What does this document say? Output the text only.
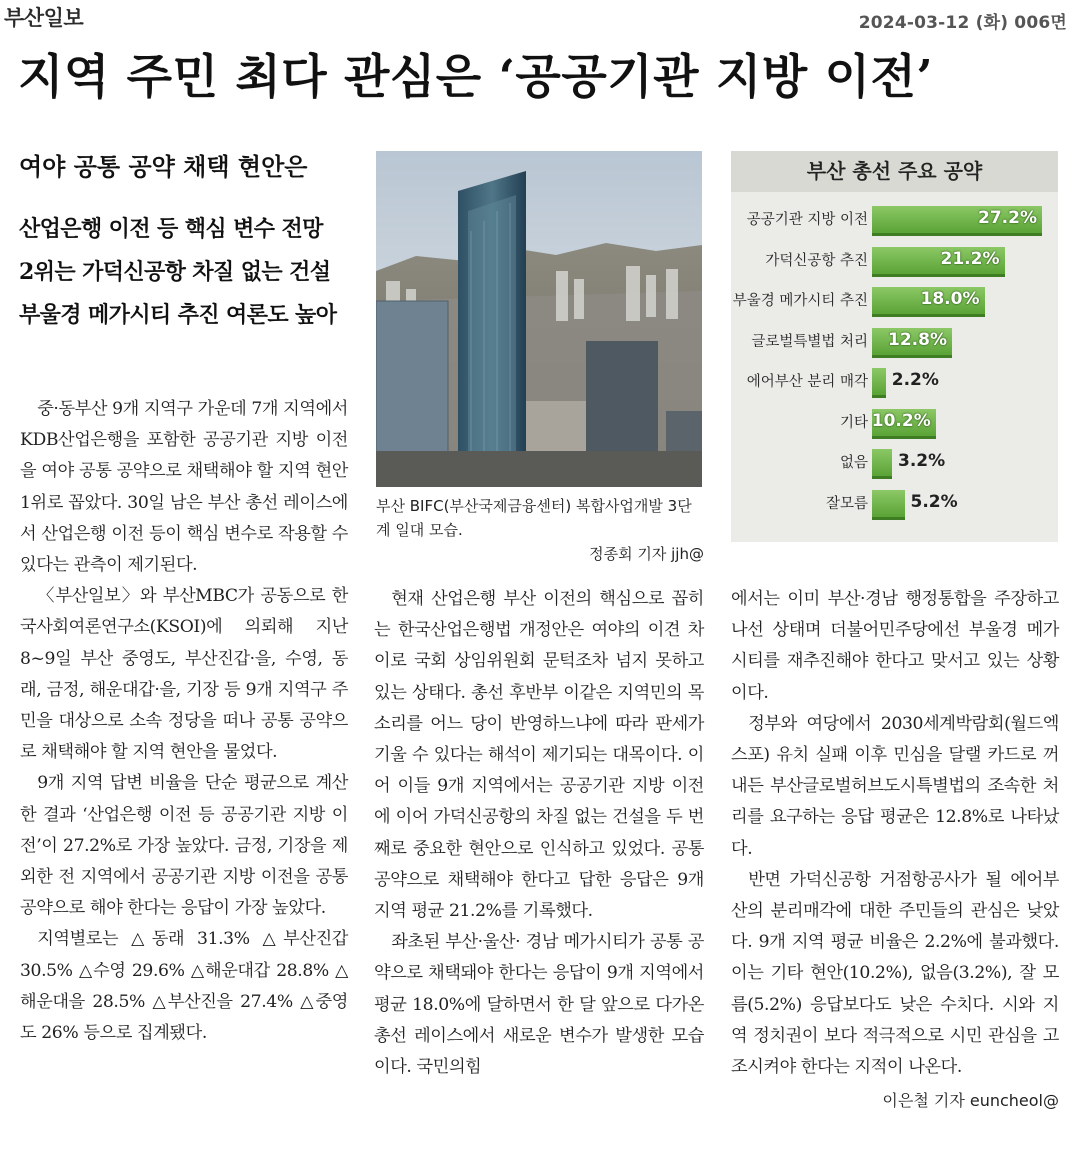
부산일보	2024-03-12 (화) 006면
지역 주민 최다 관심은 ‘공공기관 지방 이전’
여야 공통 공약 채택 현안은
산업은행 이전 등 핵심 변수 전망
2위는 가덕신공항 차질 없는 건설
부울경 메가시티 추진 여론도 높아

중·동부산 9개 지역구 가운데 7개 지역에서 KDB산업은행을 포함한 공공기관 지방 이전을 여야 공통 공약으로 채택해야 할 지역 현안 1위로 꼽았다. 30일 남은 부산 총선 레이스에서 산업은행 이전 등이 핵심 변수로 작용할 수 있다는 관측이 제기된다.

〈부산일보〉와 부산MBC가 공동으로 한국사회여론연구소(KSOI)에 의뢰해 지난 8~9일 부산 중영도, 부산진갑·을, 수영, 동래, 금정, 해운대갑·을, 기장 등 9개 지역구 주민을 대상으로 소속 정당을 떠나 공통 공약으로 채택해야 할 지역 현안을 물었다.

9개 지역 답변 비율을 단순 평균으로 계산한 결과 ‘산업은행 이전 등 공공기관 지방 이전’이 27.2%로 가장 높았다. 금정, 기장을 제외한 전 지역에서 공공기관 지방 이전을 공통 공약으로 해야 한다는 응답이 가장 높았다.

지역별로는 △동래 31.3% △부산진갑 30.5% △수영 29.6% △해운대갑 28.8% △해운대을 28.5% △부산진을 27.4% △중영도 26% 등으로 집계됐다.

부산 BIFC(부산국제금융센터) 복합사업개발 3단계 일대 모습.
정종회 기자 jjh@
부산 총선 주요 공약
공공기관 지방 이전	27.2%
가덕신공항 추진	21.2%
부울경 메가시티 추진	18.0%
글로벌특별법 처리 12.8%
에어부산 분리 매각 2.2%
기타 10.2%
없음 3.2%
잘모름	5.2%

현재 산업은행 부산 이전의 핵심으로 꼽히는 한국산업은행법 개정안은 여야의 이견 차이로 국회 상임위원회 문턱조차 넘지 못하고 있는 상태다. 총선 후반부 이같은 지역민의 목소리를 어느 당이 반영하느냐에 따라 판세가 기울 수 있다는 해석이 제기되는 대목이다. 이어 이들 9개 지역에서는 공공기관 지방 이전에 이어 가덕신공항의 차질 없는 건설을 두 번째로 중요한 현안으로 인식하고 있었다. 공통 공약으로 채택해야 한다고 답한 응답은 9개 지역 평균 21.2%를 기록했다.

좌초된 부산·울산· 경남 메가시티가 공통 공약으로 채택돼야 한다는 응답이 9개 지역에서 평균 18.0%에 달하면서 한 달 앞으로 다가온 총선 레이스에서 새로운 변수가 발생한 모습이다. 국민의힘

에서는 이미 부산·경남 행정통합을 주장하고 나선 상태며 더불어민주당에선 부울경 메가시티를 재추진해야 한다고 맞서고 있는 상황이다.

정부와 여당에서 2030세계박람회(월드엑스포) 유치 실패 이후 민심을 달랠 카드로 꺼내든 부산글로벌허브도시특별법의 조속한 처리를 요구하는 응답 평균은 12.8%로 나타났다.

반면 가덕신공항 거점항공사가 될 에어부산의 분리매각에 대한 주민들의 관심은 낮았다. 9개 지역 평균 비율은 2.2%에 불과했다. 이는 기타 현안(10.2%), 없음(3.2%), 잘 모름(5.2%) 응답보다도 낮은 수치다. 시와 지역 정치권이 보다 적극적으로 시민 관심을 고조시켜야 한다는 지적이 나온다.

이은철 기자 euncheol@
